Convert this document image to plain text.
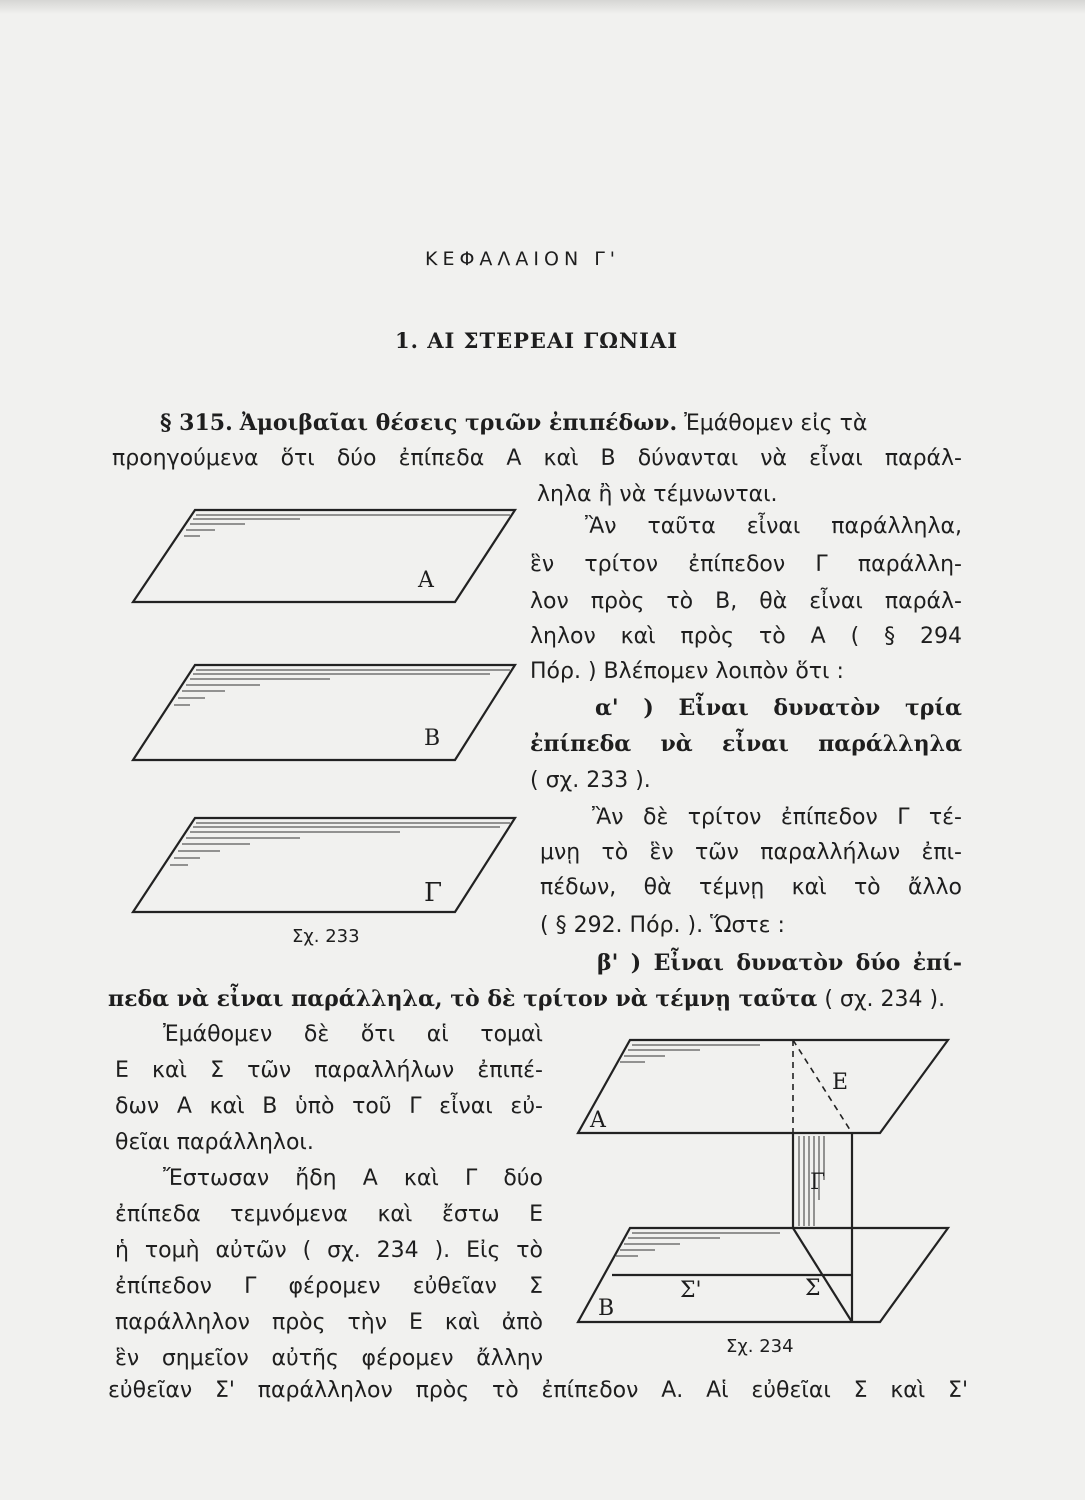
ΚΕΦΑΛΑΙΟΝ Γ'
1. ΑΙ ΣΤΕΡΕΑΙ ΓΩΝΙΑΙ
§ 315. Ἀμοιβαῖαι θέσεις τριῶν ἐπιπέδων. Ἐμάθομεν εἰς τὰ
προηγούμενα ὅτι δύο ἐπίπεδα Α καὶ Β δύνανται νὰ εἶναι παράλ-
ληλα ἢ νὰ τέμνωνται.
Ἂν ταῦτα εἶναι παράλληλα,
ἓν τρίτον ἐπίπεδον Γ παράλλη-
λον πρὸς τὸ Β, θὰ εἶναι παράλ-
ληλον καὶ πρὸς τὸ Α ( § 294
Πόρ. ) Βλέπομεν λοιπὸν ὅτι :
α' ) Εἶναι δυνατὸν τρία
ἐπίπεδα νὰ εἶναι παράλληλα
( σχ. 233 ).
Ἂν δὲ τρίτον ἐπίπεδον Γ τέ-
μνῃ τὸ ἓν τῶν παραλλήλων ἐπι-
πέδων, θὰ τέμνῃ καὶ τὸ ἄλλο
( § 292. Πόρ. ). Ὥστε :
β' ) Εἶναι δυνατὸν δύο ἐπί-
πεδα νὰ εἶναι παράλληλα, τὸ δὲ τρίτον νὰ τέμνῃ ταῦτα ( σχ. 234 ).
Ἐμάθομεν δὲ ὅτι αἱ τομαὶ
Ε καὶ Σ τῶν παραλλήλων ἐπιπέ-
δων Α καὶ Β ὑπὸ τοῦ Γ εἶναι εὐ-
θεῖαι παράλληλοι.
Ἔστωσαν ἤδη Α καὶ Γ δύο
ἐπίπεδα τεμνόμενα καὶ ἔστω Ε
ἡ τομὴ αὐτῶν ( σχ. 234 ). Εἰς τὸ
ἐπίπεδον Γ φέρομεν εὐθεῖαν Σ
παράλληλον πρὸς τὴν Ε καὶ ἀπὸ
ἓν σημεῖον αὐτῆς φέρομεν ἄλλην
εὐθεῖαν Σ' παράλληλον πρὸς τὸ ἐπίπεδον Α. Αἱ εὐθεῖαι Σ καὶ Σ'
Α
Β
Γ
Σχ. 233
Α
Ε
Γ
Σ'	Σ
Β
Σχ. 234
